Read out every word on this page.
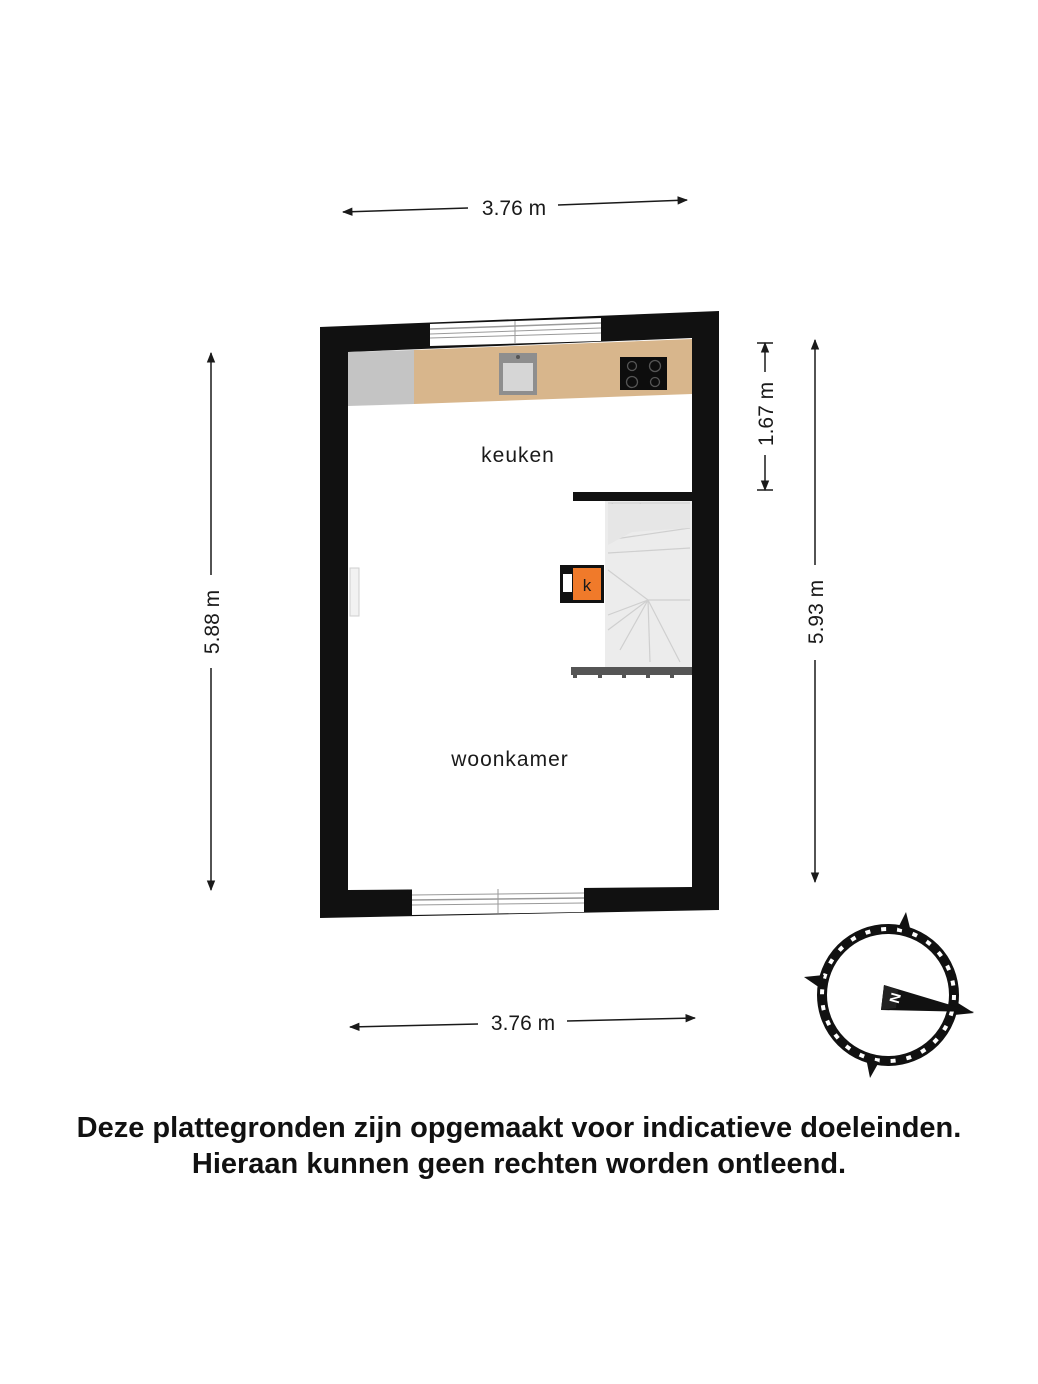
3.76 m
5.88 m
1.67 m
5.93 m
k
keuken
woonkamer
3.76 m
N
Deze plattegronden zijn opgemaakt voor indicatieve doeleinden.
Hieraan kunnen geen rechten worden ontleend.
